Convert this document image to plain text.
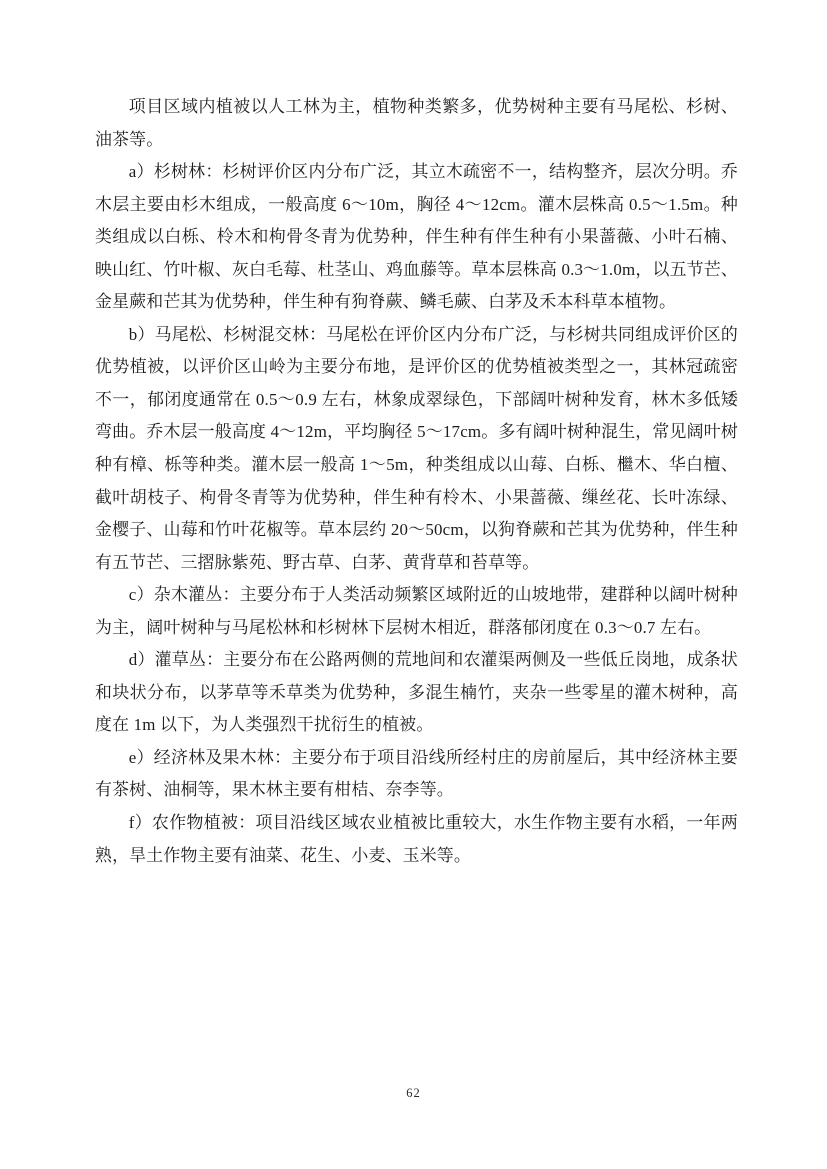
项目区域内植被以人工林为主，植物种类繁多，优势树种主要有马尾松、杉树、油茶等。

a）杉树林：杉树评价区内分布广泛，其立木疏密不一，结构整齐，层次分明。乔木层主要由杉木组成，一般高度 6～10m，胸径 4～12cm。灌木层株高 0.5～1.5m。种类组成以白栎、柃木和枸骨冬青为优势种，伴生种有伴生种有小果蔷薇、小叶石楠、映山红、竹叶椒、灰白毛莓、杜茎山、鸡血藤等。草本层株高 0.3～1.0m，以五节芒、金星蕨和芒其为优势种，伴生种有狗脊蕨、鳞毛蕨、白茅及禾本科草本植物。

b）马尾松、杉树混交林：马尾松在评价区内分布广泛，与杉树共同组成评价区的优势植被，以评价区山岭为主要分布地，是评价区的优势植被类型之一，其林冠疏密不一，郁闭度通常在 0.5～0.9 左右，林象成翠绿色，下部阔叶树种发育，林木多低矮弯曲。乔木层一般高度 4～12m，平均胸径 5～17cm。多有阔叶树种混生，常见阔叶树种有樟、栎等种类。灌木层一般高 1～5m，种类组成以山莓、白栎、檵木、华白檀、截叶胡枝子、枸骨冬青等为优势种，伴生种有柃木、小果蔷薇、缫丝花、长叶冻绿、金樱子、山莓和竹叶花椒等。草本层约 20～50cm，以狗脊蕨和芒其为优势种，伴生种有五节芒、三摺脉紫苑、野古草、白茅、黄背草和苔草等。

c）杂木灌丛：主要分布于人类活动频繁区域附近的山坡地带，建群种以阔叶树种为主，阔叶树种与马尾松林和杉树林下层树木相近，群落郁闭度在 0.3～0.7 左右。

d）灌草丛：主要分布在公路两侧的荒地间和农灌渠两侧及一些低丘岗地，成条状和块状分布，以茅草等禾草类为优势种，多混生楠竹，夹杂一些零星的灌木树种，高度在 1m 以下，为人类强烈干扰衍生的植被。

e）经济林及果木林：主要分布于项目沿线所经村庄的房前屋后，其中经济林主要有茶树、油桐等，果木林主要有柑桔、奈李等。

f）农作物植被：项目沿线区域农业植被比重较大，水生作物主要有水稻，一年两熟，旱土作物主要有油菜、花生、小麦、玉米等。

62
